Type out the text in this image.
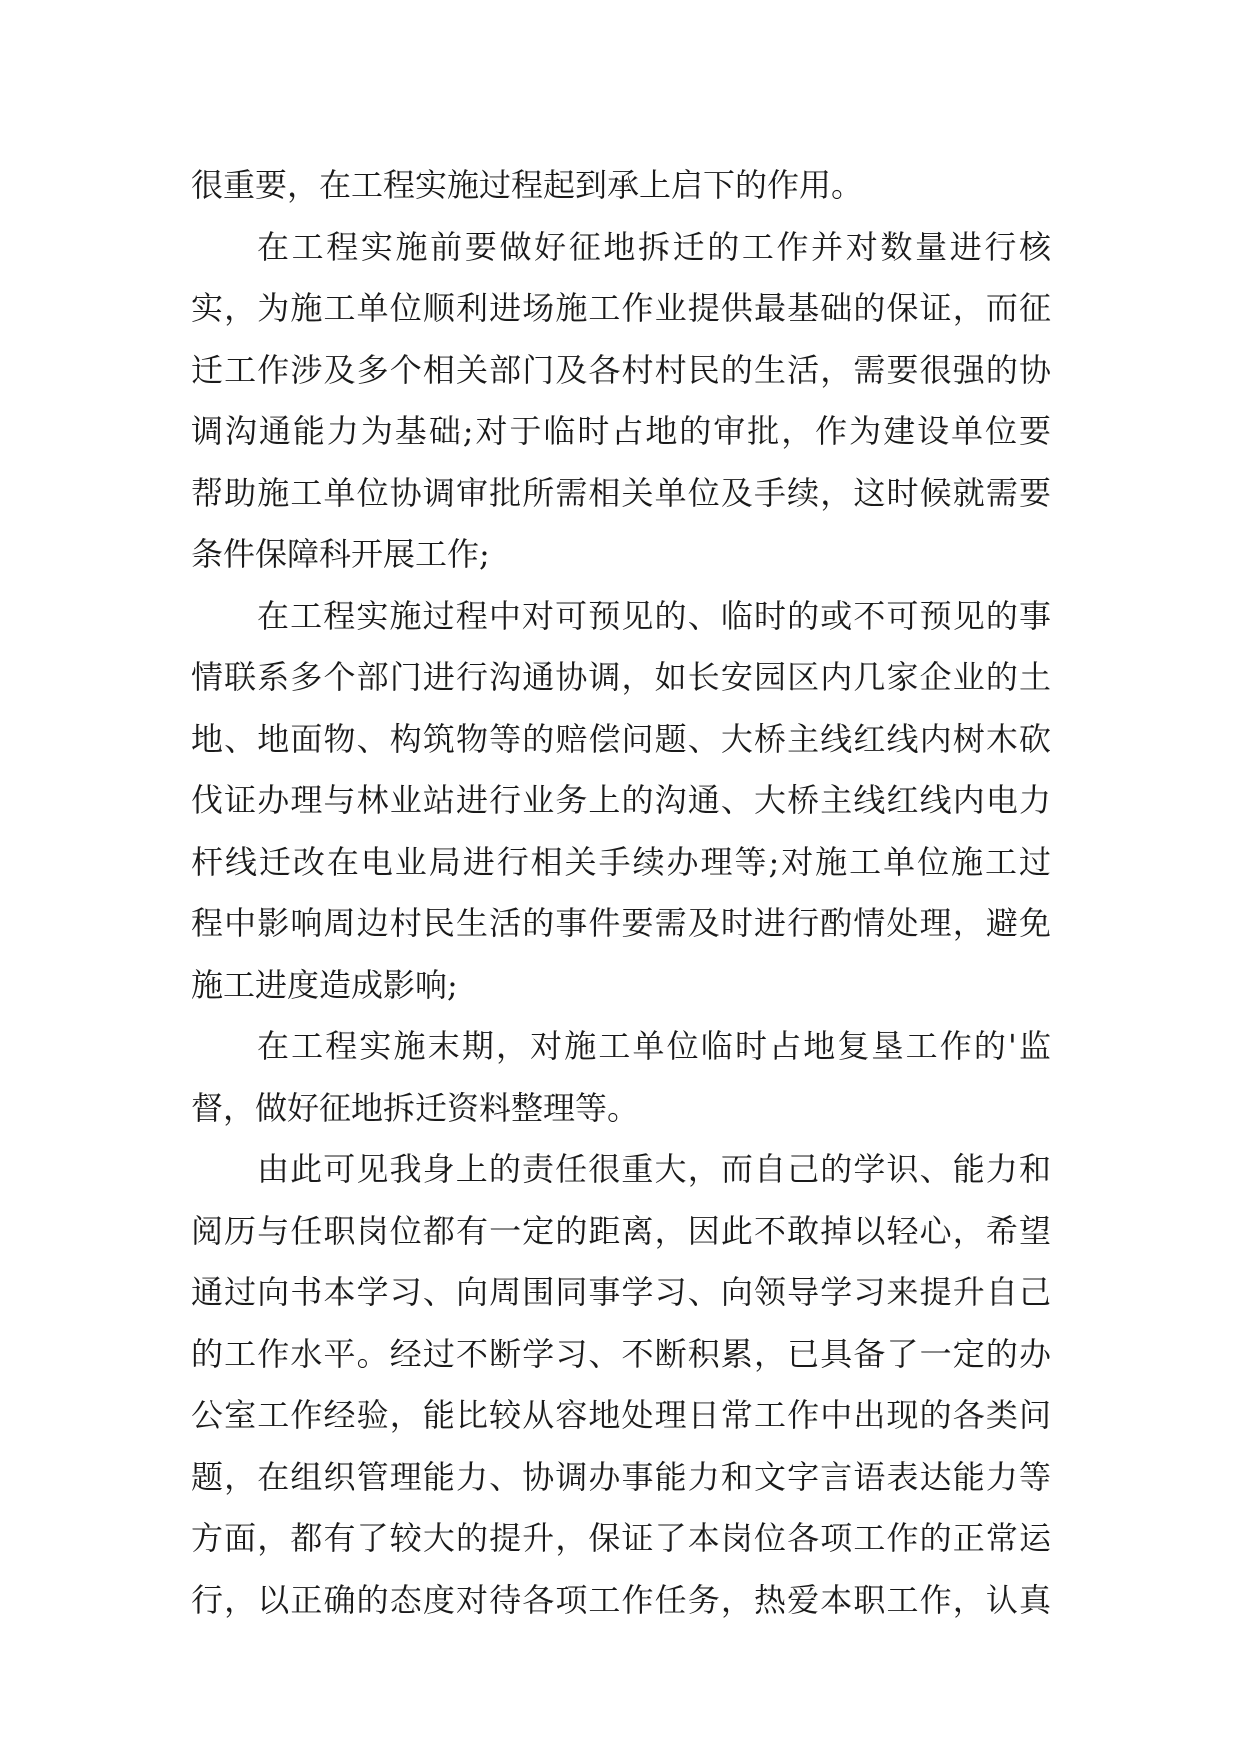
很重要，在工程实施过程起到承上启下的作用。
在工程实施前要做好征地拆迁的工作并对数量进行核
实，为施工单位顺利进场施工作业提供最基础的保证，而征
迁工作涉及多个相关部门及各村村民的生活，需要很强的协
调沟通能力为基础;对于临时占地的审批，作为建设单位要
帮助施工单位协调审批所需相关单位及手续，这时候就需要
条件保障科开展工作;
在工程实施过程中对可预见的、临时的或不可预见的事
情联系多个部门进行沟通协调，如长安园区内几家企业的土
地、地面物、构筑物等的赔偿问题、大桥主线红线内树木砍
伐证办理与林业站进行业务上的沟通、大桥主线红线内电力
杆线迁改在电业局进行相关手续办理等;对施工单位施工过
程中影响周边村民生活的事件要需及时进行酌情处理，避免
施工进度造成影响;
在工程实施末期，对施工单位临时占地复垦工作的'监
督，做好征地拆迁资料整理等。
由此可见我身上的责任很重大，而自己的学识、能力和
阅历与任职岗位都有一定的距离，因此不敢掉以轻心，希望
通过向书本学习、向周围同事学习、向领导学习来提升自己
的工作水平。经过不断学习、不断积累，已具备了一定的办
公室工作经验，能比较从容地处理日常工作中出现的各类问
题，在组织管理能力、协调办事能力和文字言语表达能力等
方面，都有了较大的提升，保证了本岗位各项工作的正常运
行，以正确的态度对待各项工作任务，热爱本职工作，认真
